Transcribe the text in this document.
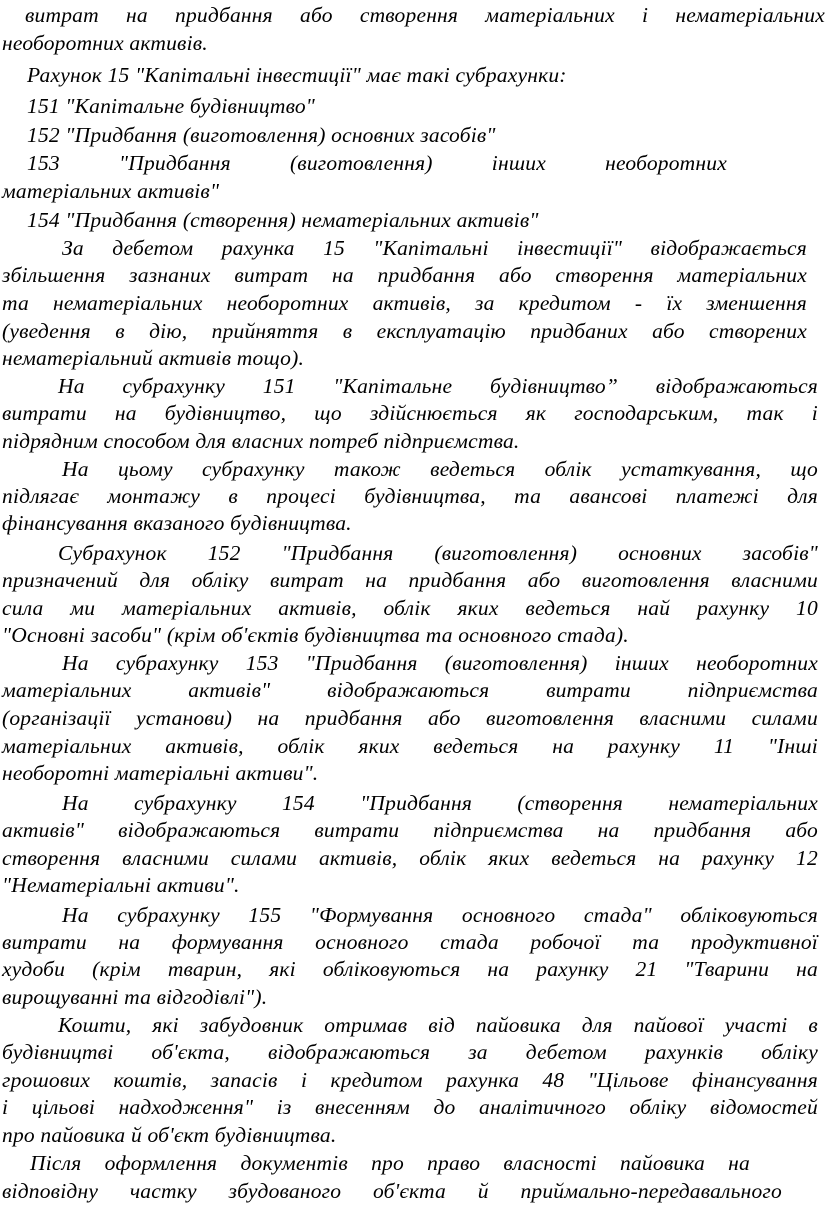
витрат на придбання або створення матеріальних і нематеріальних
необоротних активів.
Рахунок 15 "Капітальні інвестиції" має такі субрахунки:
151 "Капітальне будівництво"
152 "Придбання (виготовлення) основних засобів"
153	"Придбання	(виготовлення)	інших	необоротних
матеріальних активів"
154 "Придбання (створення) нематеріальних активів"
За дебетом рахунка 15 "Капітальні інвестиції" відображається
збільшення зазнаних витрат на придбання або створення матеріальних
та нематеріальних необоротних активів, за кредитом - їх зменшення
(уведення в дію, прийняття в експлуатацію придбаних або створених
нематеріальний активів тощо).
На субрахунку 151 "Капітальне будівництво” відображаються
витрати на будівництво, що здійснюється як господарським, так і
підрядним способом для власних потреб підприємства.
На цьому субрахунку також ведеться облік устаткування, що
підлягає монтажу в процесі будівництва, та авансові платежі для
фінансування вказаного будівництва.
Субрахунок 152 "Придбання (виготовлення) основних засобів"
призначений для обліку витрат на придбання або виготовлення власними
сила ми матеріальних активів, облік яких ведеться най рахунку 10
"Основні засоби" (крім об'єктів будівництва та основного стада).
На субрахунку 153 "Придбання (виготовлення) інших необоротних
матеріальних	активів"	відображаються	витрати	підприємства
(організації установи) на придбання або виготовлення власними силами
матеріальних активів, облік яких ведеться на рахунку 11 "Інші
необоротні матеріальні активи".
На субрахунку 154 "Придбання (створення нематеріальних
активів" відображаються витрати підприємства на придбання або
створення власними силами активів, облік яких ведеться на рахунку 12
"Нематеріальні активи".
На субрахунку 155 "Формування основного стада" обліковуються
витрати на формування основного стада робочої та продуктивної
худоби (крім тварин, які обліковуються на рахунку 21 "Тварини на
вирощуванні та відгодівлі").
Кошти, які забудовник отримав від пайовика для пайової участі в
будівництві об'єкта, відображаються за дебетом рахунків обліку
грошових коштів, запасів і кредитом рахунка 48 "Цільове фінансування
і цільові надходження" із внесенням до аналітичного обліку відомостей
про пайовика й об'єкт будівництва.
Після оформлення документів про право власності пайовика на
відповідну частку збудованого об'єкта й приймально-передавального
